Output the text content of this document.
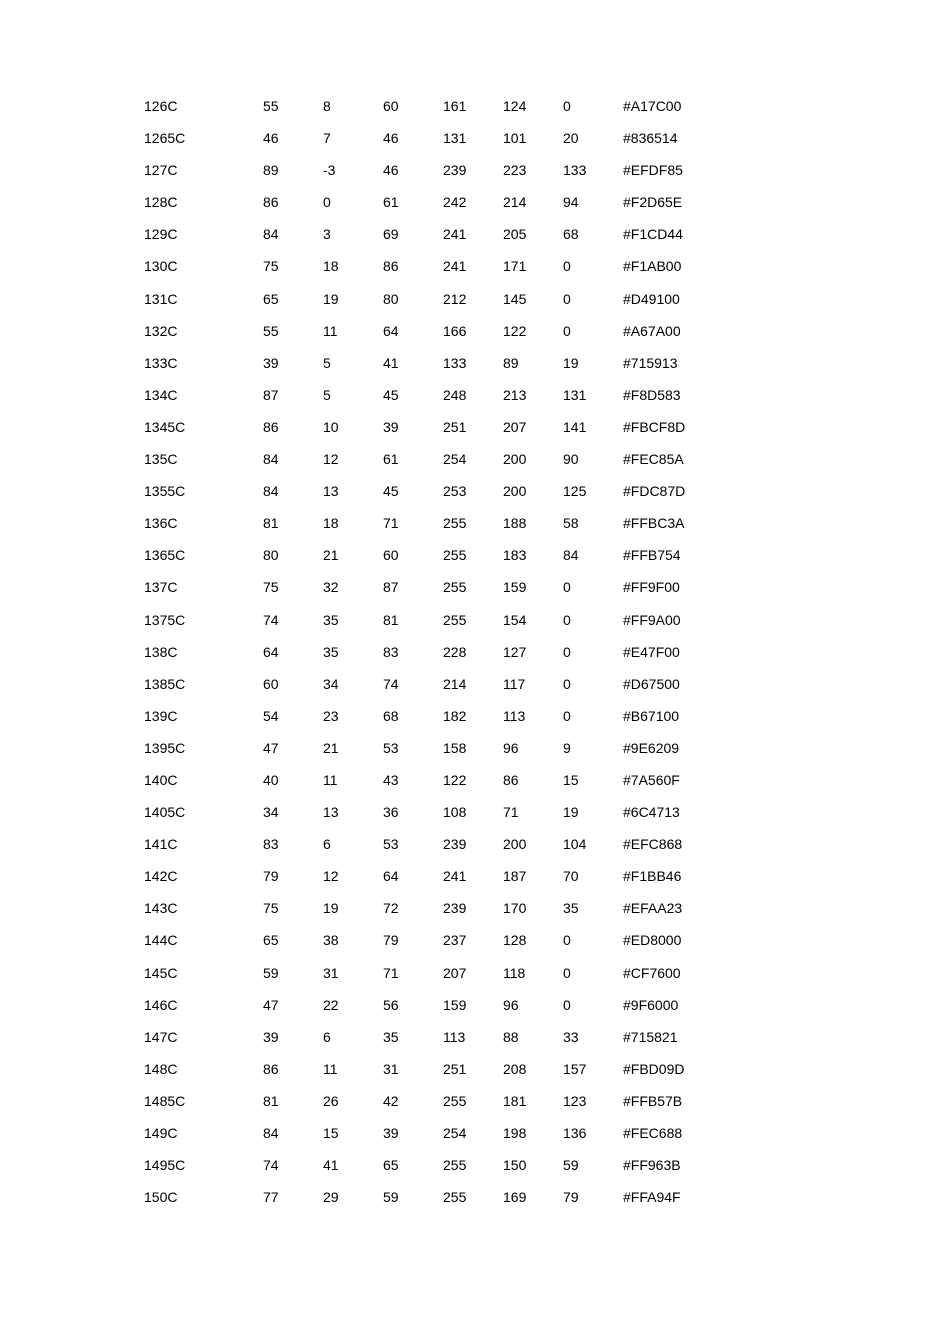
126C	55	8	60	161	124	0	#A17C00
1265C	46	7	46	131	101	20	#836514
127C	89	-3	46	239	223	133	#EFDF85
128C	86	0	61	242	214	94	#F2D65E
129C	84	3	69	241	205	68	#F1CD44
130C	75	18	86	241	171	0	#F1AB00
131C	65	19	80	212	145	0	#D49100
132C	55	11	64	166	122	0	#A67A00
133C	39	5	41	133	89	19	#715913
134C	87	5	45	248	213	131	#F8D583
1345C	86	10	39	251	207	141	#FBCF8D
135C	84	12	61	254	200	90	#FEC85A
1355C	84	13	45	253	200	125	#FDC87D
136C	81	18	71	255	188	58	#FFBC3A
1365C	80	21	60	255	183	84	#FFB754
137C	75	32	87	255	159	0	#FF9F00
1375C	74	35	81	255	154	0	#FF9A00
138C	64	35	83	228	127	0	#E47F00
1385C	60	34	74	214	117	0	#D67500
139C	54	23	68	182	113	0	#B67100
1395C	47	21	53	158	96	9	#9E6209
140C	40	11	43	122	86	15	#7A560F
1405C	34	13	36	108	71	19	#6C4713
141C	83	6	53	239	200	104	#EFC868
142C	79	12	64	241	187	70	#F1BB46
143C	75	19	72	239	170	35	#EFAA23
144C	65	38	79	237	128	0	#ED8000
145C	59	31	71	207	118	0	#CF7600
146C	47	22	56	159	96	0	#9F6000
147C	39	6	35	113	88	33	#715821
148C	86	11	31	251	208	157	#FBD09D
1485C	81	26	42	255	181	123	#FFB57B
149C	84	15	39	254	198	136	#FEC688
1495C	74	41	65	255	150	59	#FF963B
150C	77	29	59	255	169	79	#FFA94F
